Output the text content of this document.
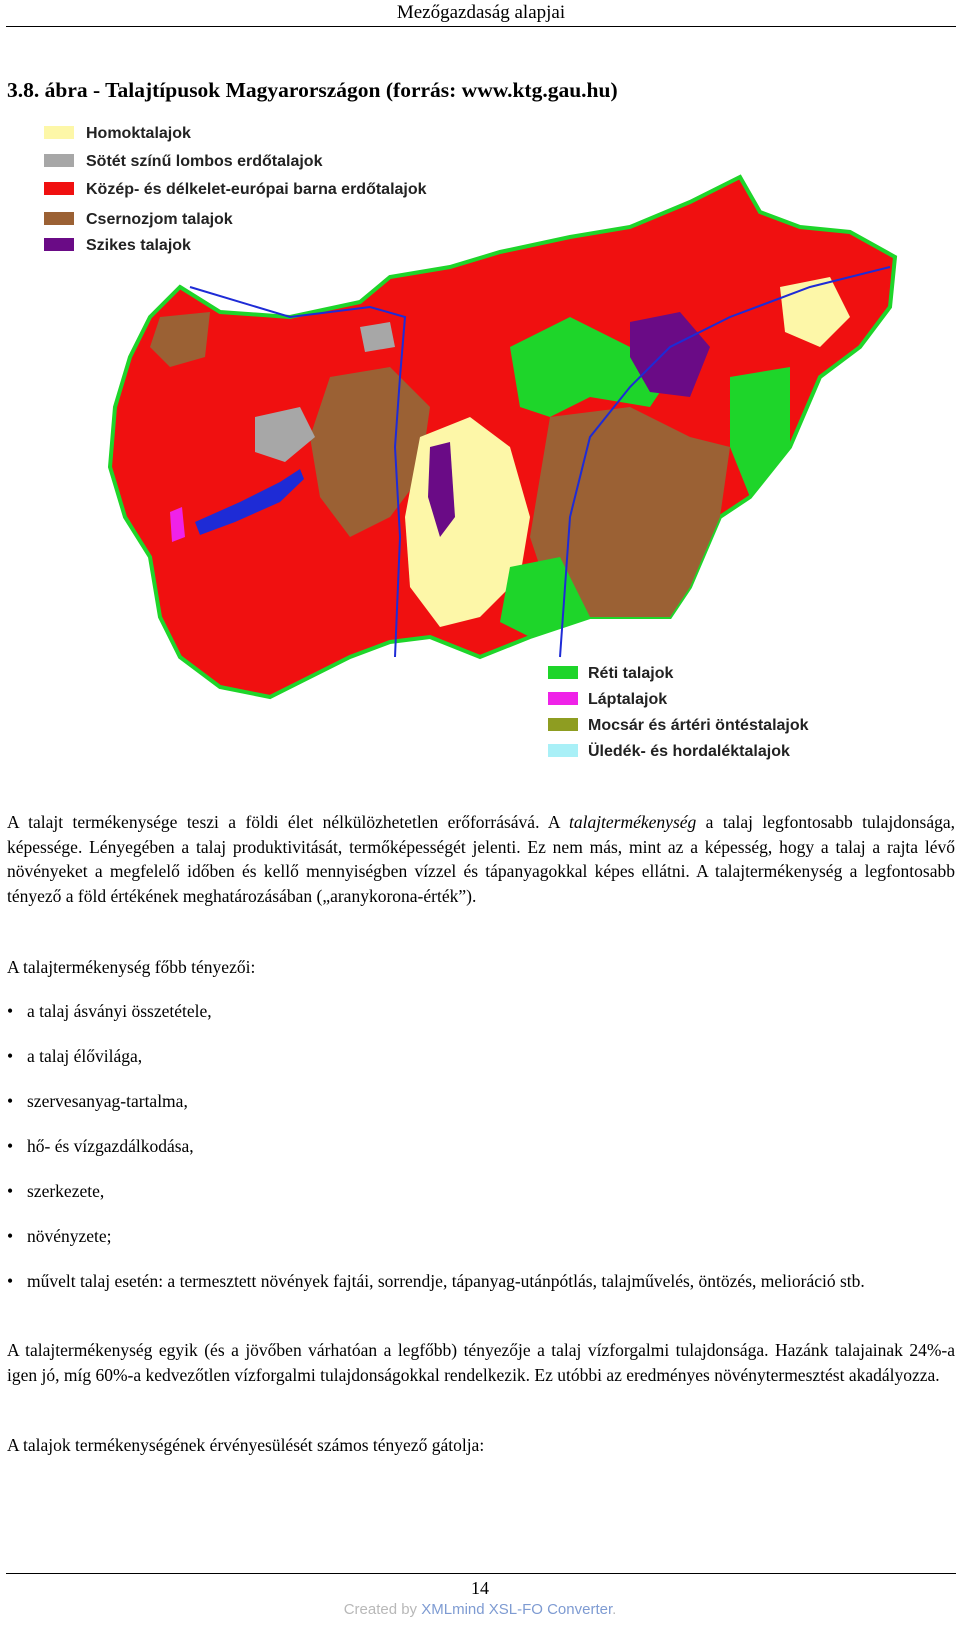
Mezőgazdaság alapjai
3.8. ábra - Talajtípusok Magyarországon (forrás: www.ktg.gau.hu)
Homoktalajok
Sötét színű lombos erdőtalajok
Közép- és délkelet-európai barna erdőtalajok
Csernozjom talajok
Szikes talajok
Réti talajok
Láptalajok
Mocsár és ártéri öntéstalajok
Üledék- és hordaléktalajok
A talajt termékenysége teszi a földi élet nélkülözhetetlen erőforrásává. A talajtermékenység a talaj legfontosabb tulajdonsága, képessége. Lényegében a talaj produktivitását, termőképességét jelenti. Ez nem más, mint az a képesség, hogy a talaj a rajta lévő növényeket a megfelelő időben és kellő mennyiségben vízzel és tápanyagokkal képes ellátni. A talajtermékenység a legfontosabb tényező a föld értékének meghatározásában („aranykorona-érték”).
A talajtermékenység főbb tényezői:
• a talaj ásványi összetétele,
• a talaj élővilága,
• szervesanyag-tartalma,
• hő- és vízgazdálkodása,
• szerkezete,
• növényzete;
• művelt talaj esetén: a termesztett növények fajtái, sorrendje, tápanyag-utánpótlás, talajművelés, öntözés, melioráció stb.
A talajtermékenység egyik (és a jövőben várhatóan a legfőbb) tényezője a talaj vízforgalmi tulajdonsága. Hazánk talajainak 24%-a igen jó, míg 60%-a kedvezőtlen vízforgalmi tulajdonságokkal rendelkezik. Ez utóbbi az eredményes növénytermesztést akadályozza.
A talajok termékenységének érvényesülését számos tényező gátolja:
14
Created by XMLmind XSL-FO Converter.
